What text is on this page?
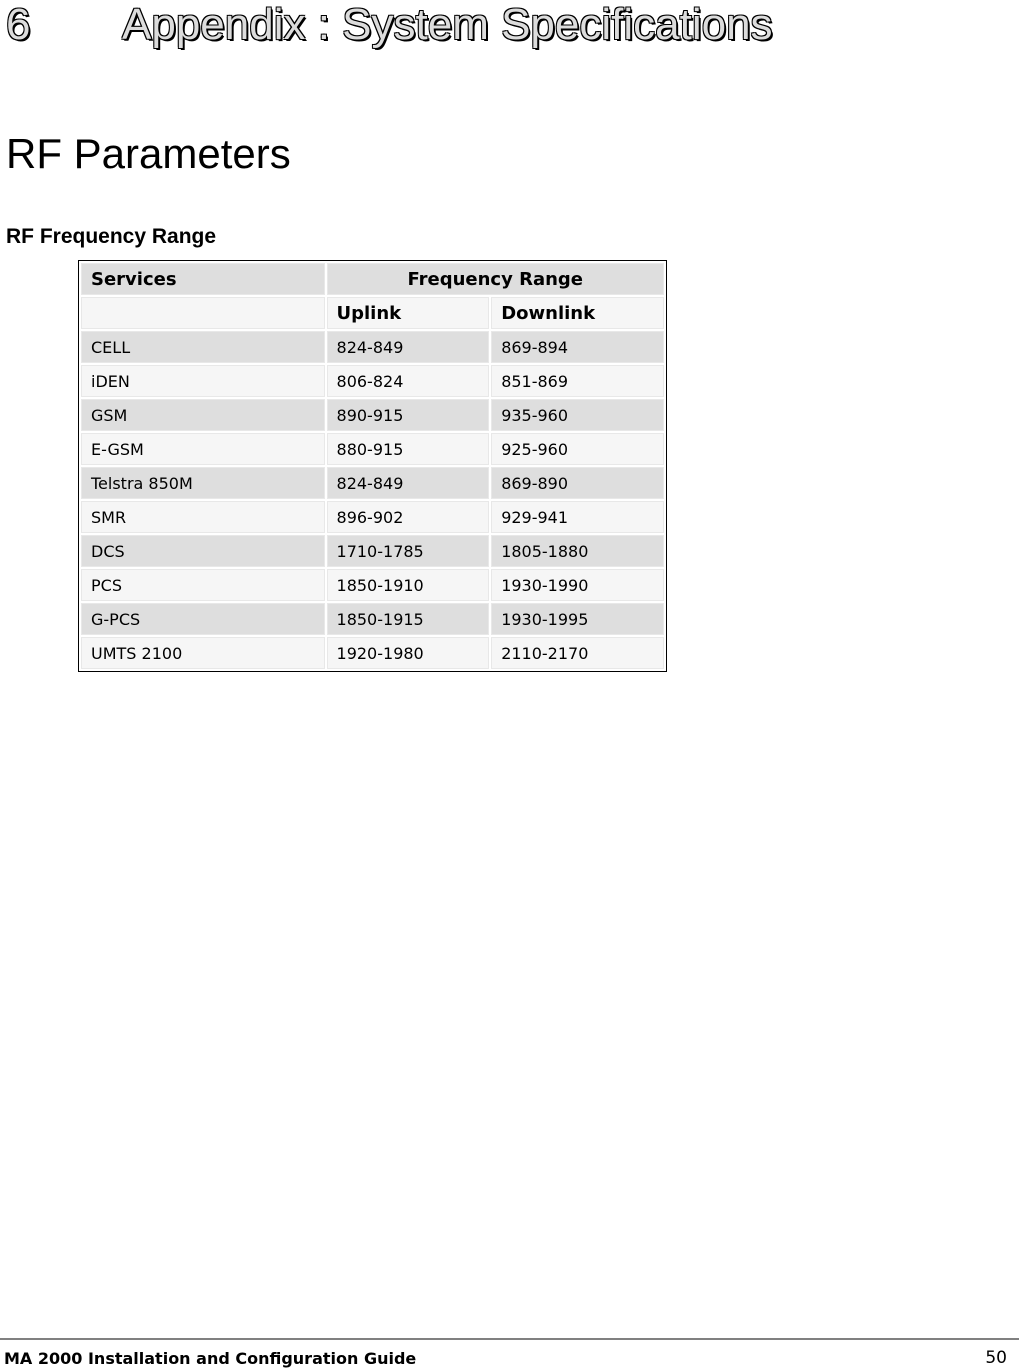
6 Appendix : System Specifications
RF Parameters
RF Frequency Range
Services	Frequency Range	
	Uplink	Downlink
CELL	824-849	869-894
iDEN	806-824	851-869
GSM	890-915	935-960
E-GSM	880-915	925-960
Telstra 850M	824-849	869-890
SMR	896-902	929-941
DCS	1710-1785	1805-1880
PCS	1850-1910	1930-1990
G-PCS	1850-1915	1930-1995
UMTS 2100	1920-1980	2110-2170
MA 2000 Installation and Configuration Guide	50
